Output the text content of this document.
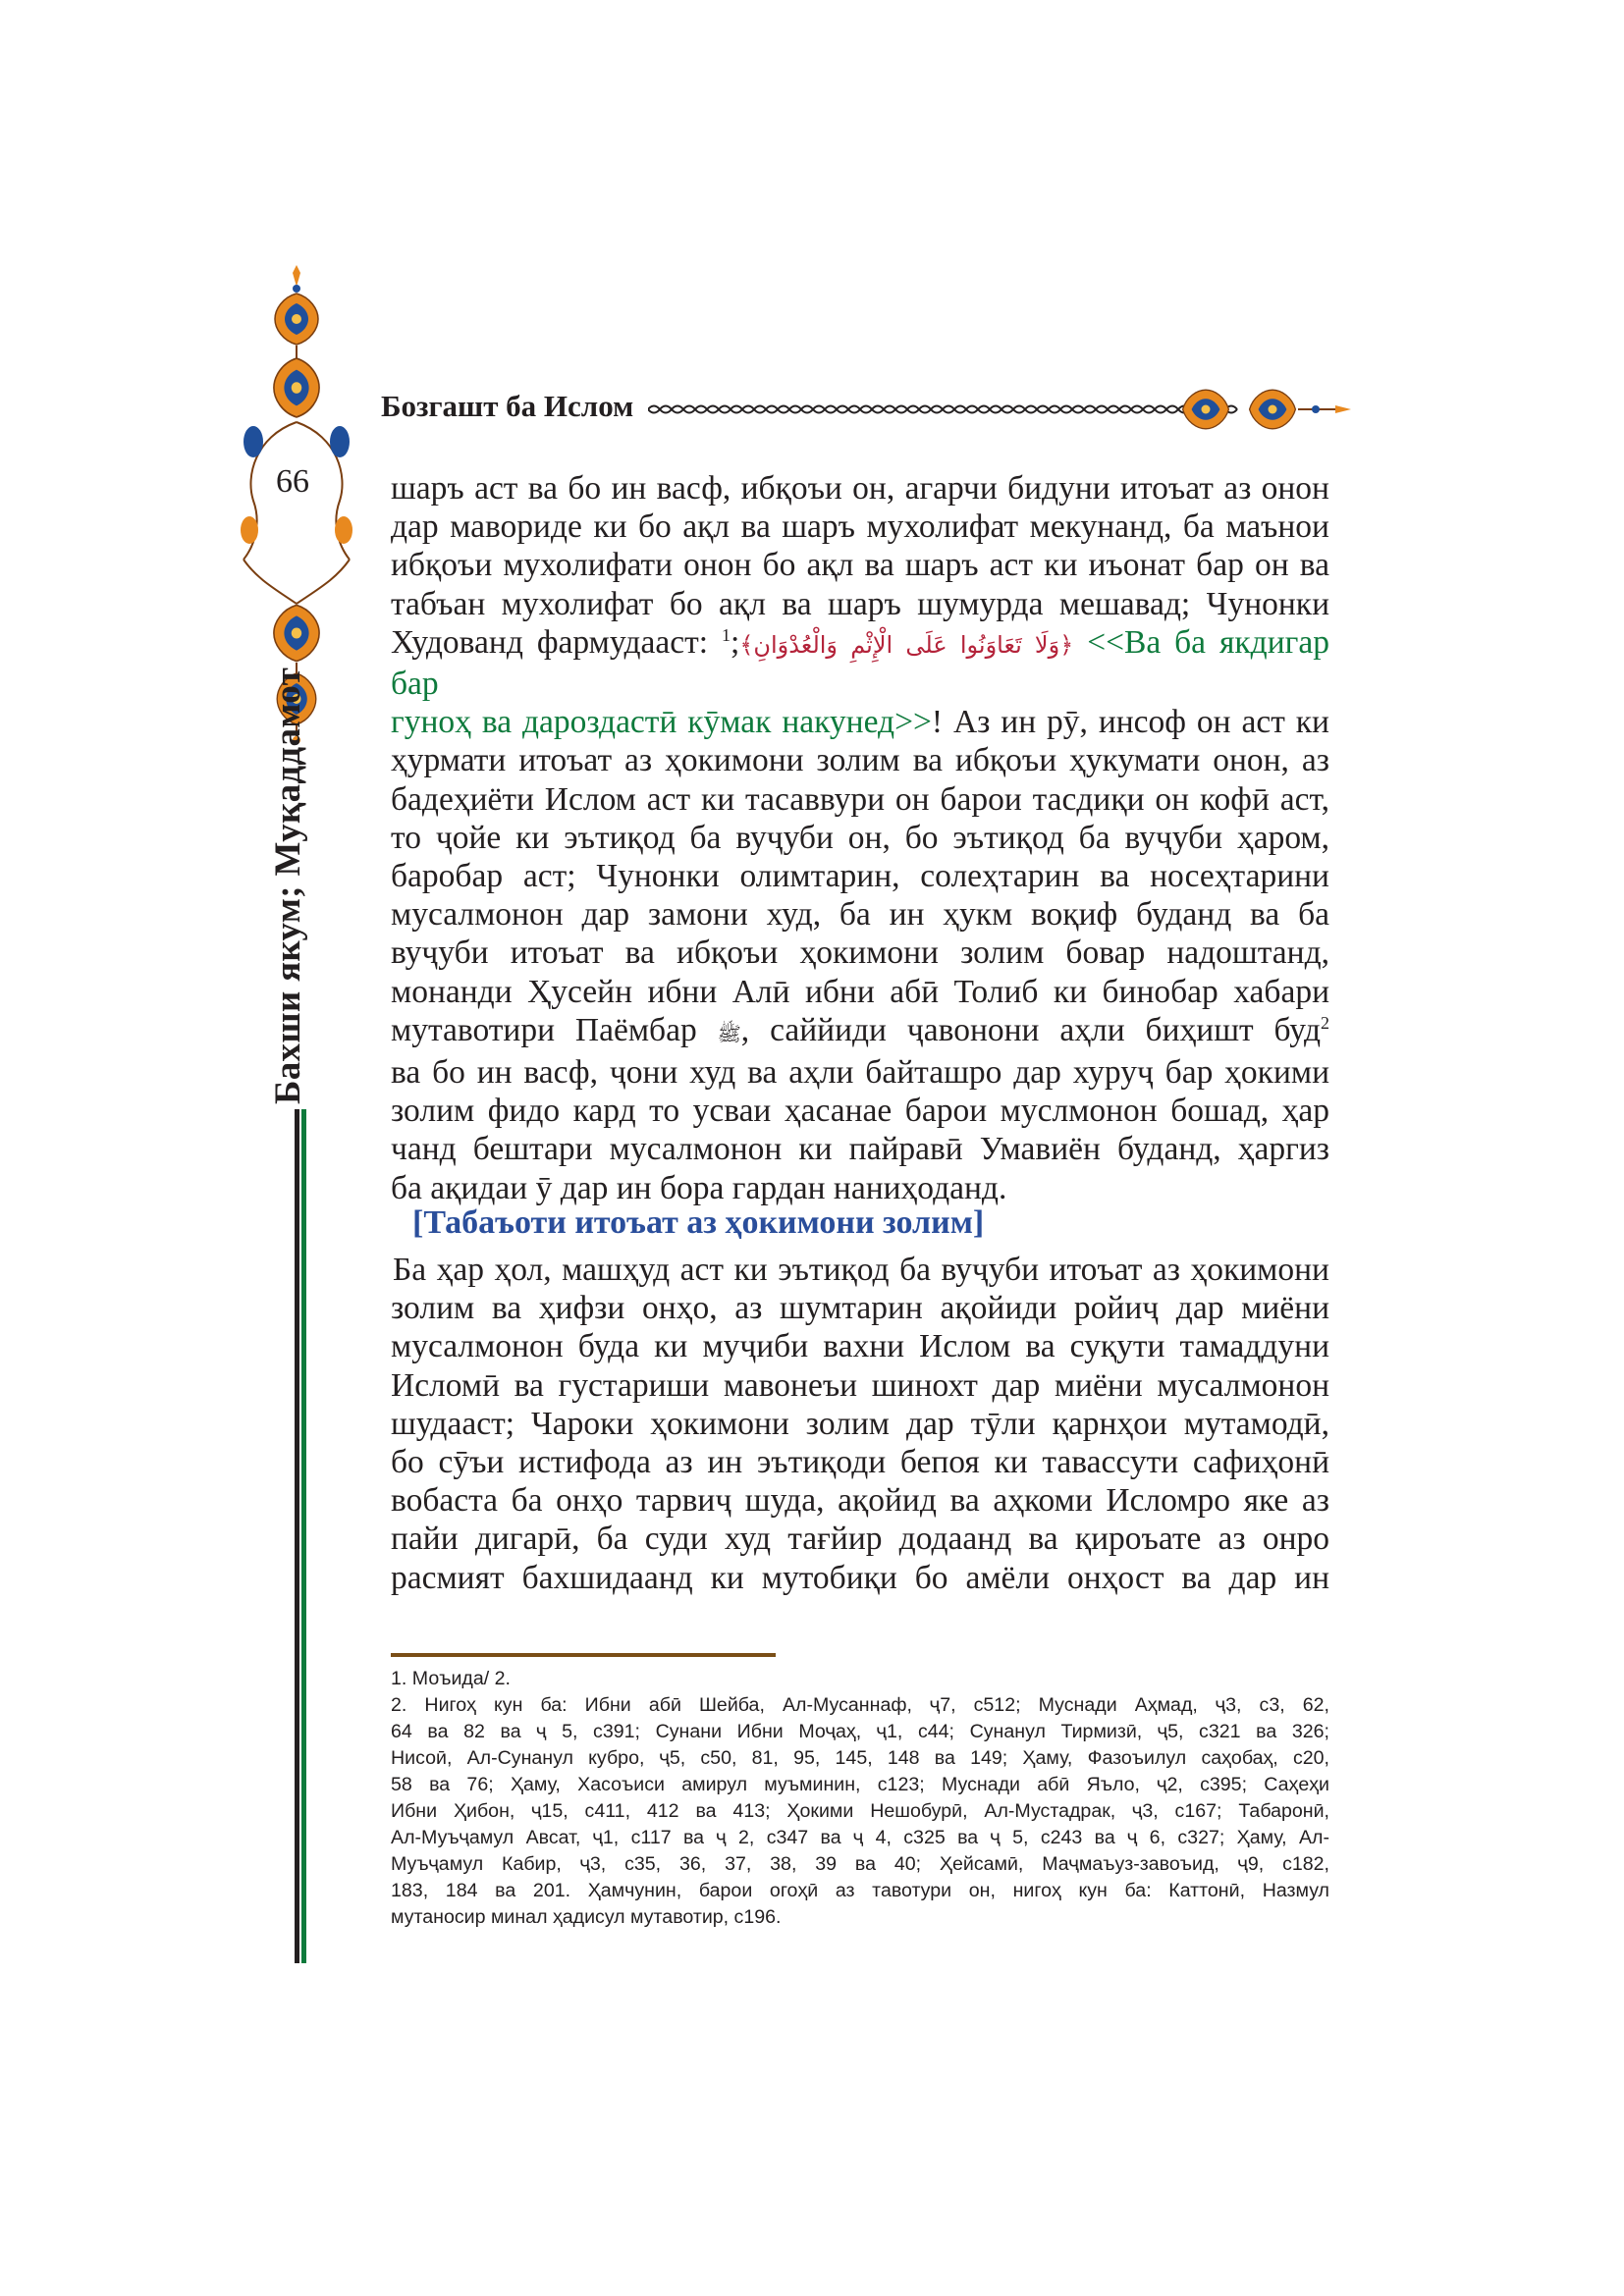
66
Бахши якум; Муқаддамот
Бозгашт ба Ислом

шаръ аст ва бо ин васф, ибқоъи он, агарчи бидуни итоъат аз онон

дар мавориде ки бо ақл ва шаръ мухолифат мекунанд, ба маънои

ибқоъи мухолифати онон бо ақл ва шаръ аст ки иъонат бар он ва

табъан мухолифат бо ақл ва шаръ шумурда мешавад; Чунонки

Худованд фармудааст: ﴿وَلَا تَعَاوَنُوا عَلَى الْإِثْمِ وَالْعُدْوَانِ﴾;$^1$	<<Ва ба якдигар бар

гуноҳ ва дароздастӣ кӯмак накунед>>! Аз ин рӯ, инсоф он аст ки

ҳурмати итоъат аз ҳокимони золим ва ибқоъи ҳукумати онон, аз

бадеҳиёти Ислом аст ки тасаввури он барои тасдиқи он кофӣ аст,

то ҷойе ки эътиқод ба вуҷуби он, бо эътиқод ба вуҷуби ҳаром,

баробар аст; Чунонки олимтарин, солеҳтарин ва носеҳтарини

мусалмонон дар замони худ, ба ин ҳукм воқиф буданд ва ба

вуҷуби итоъат ва ибқоъи ҳокимони золим бовар надоштанд,

монанди Ҳусейн ибни Алӣ ибни абӣ Толиб ки бинобар хабари

мутавотири Паёмбар ﷺ, саййиди ҷавонони аҳли биҳишт буд$^2$

ва бо ин васф, ҷони худ ва аҳли байташро дар хуруҷ бар ҳокими

золим фидо кард то усваи ҳасанае барои муслмонон бошад, ҳар

чанд бештари мусалмонон ки пайравӣ Умавиён буданд, ҳаргиз

ба ақидаи ӯ дар ин бора гардан наниҳоданд.

[Табаъоти итоъат аз ҳокимони золим]

Ба ҳар ҳол, машҳуд аст ки эътиқод ба вуҷуби итоъат аз ҳокимони

золим ва ҳифзи онҳо, аз шумтарин ақойиди ройиҷ дар миёни

мусалмонон буда ки муҷиби вахни Ислом ва суқути тамаддуни

Исломӣ ва густариши мавонеъи шинохт дар миёни мусалмонон

шудааст; Чароки ҳокимони золим дар тӯли қарнҳои мутамодӣ,

бо сӯъи истифода аз ин эътиқоди бепоя ки тавассути сафиҳонӣ

вобаста ба онҳо тарвиҷ шуда, ақойид ва аҳкоми Исломро яке аз

пайи дигарӣ, ба суди худ тағйир додаанд ва қироъате аз онро

расмият бахшидаанд ки мутобиқи бо амёли онҳост ва дар ин

1. Моъида/ 2.

2. Нигоҳ кун ба: Ибни абӣ Шейба, Ал-Мусаннаф, ҷ7, с512; Муснади Аҳмад, ҷ3, с3, 62,

64 ва 82 ва ҷ 5, с391; Сунани Ибни Моҷаҳ, ҷ1, с44; Сунанул Тирмизӣ, ҷ5, с321 ва 326;

Нисоӣ, Ал-Сунанул кубро, ҷ5, с50, 81, 95, 145, 148 ва 149; Ҳаму, Фазоъилул саҳобаҳ, с20,

58 ва 76; Ҳаму, Хасоъиси амирул муъминин, с123; Муснади абӣ Яъло, ҷ2, с395; Саҳеҳи

Ибни Ҳибон, ҷ15, с411, 412 ва 413; Ҳокими Нешобурӣ, Ал-Мустадрак, ҷ3, с167; Табаронӣ,

Ал-Муъҷамул Авсат, ҷ1, с117 ва ҷ 2, с347 ва ҷ 4, с325 ва ҷ 5, с243 ва ҷ 6, с327; Ҳаму, Ал-

Муъҷамул Кабир, ҷ3, с35, 36, 37, 38, 39 ва 40; Ҳейсамӣ, Маҷмаъуз-завоъид, ҷ9, с182,

183, 184 ва 201. Ҳамчунин, барои огоҳӣ аз тавотури он, нигоҳ кун ба: Каттонӣ, Назмул

мутаносир минал ҳадисул мутавотир, с196.
